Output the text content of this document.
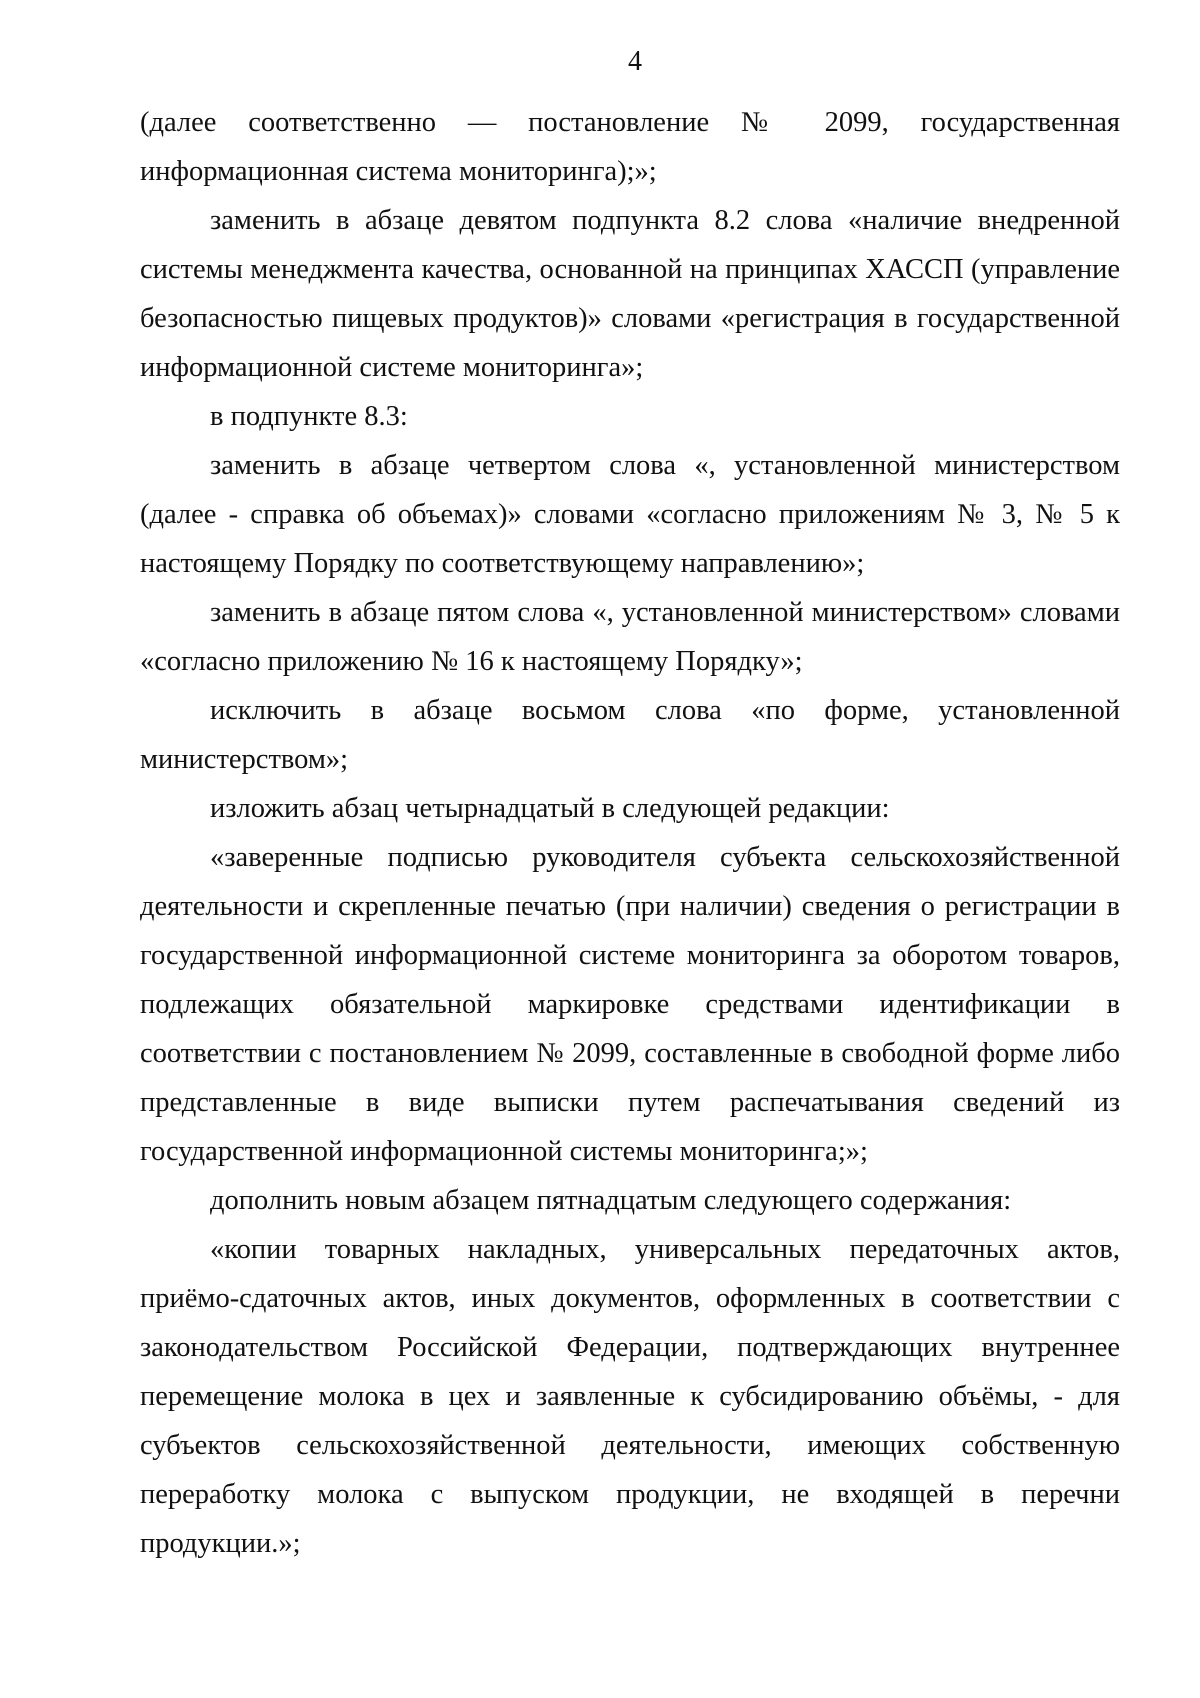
4

(далее соответственно — постановление № 2099, государственная информационная система мониторинга);»;

заменить в абзаце девятом подпункта 8.2 слова «наличие внедренной системы менеджмента качества, основанной на принципах ХАССП (управление безопасностью пищевых продуктов)» словами «регистрация в государственной информационной системе мониторинга»;

в подпункте 8.3:

заменить в абзаце четвертом слова «, установленной министерством (далее - справка об объемах)» словами «согласно приложениям № 3, № 5 к настоящему Порядку по соответствующему направлению»;

заменить в абзаце пятом слова «, установленной министерством» словами «согласно приложению № 16 к настоящему Порядку»;

исключить в абзаце восьмом слова «по форме, установленной министерством»;

изложить абзац четырнадцатый в следующей редакции:

«заверенные подписью руководителя субъекта сельскохозяйственной деятельности и скрепленные печатью (при наличии) сведения о регистрации в государственной информационной системе мониторинга за оборотом товаров, подлежащих обязательной маркировке средствами идентификации в соответствии с постановлением № 2099, составленные в свободной форме либо представленные в виде выписки путем распечатывания сведений из государственной информационной системы мониторинга;»;

дополнить новым абзацем пятнадцатым следующего содержания:

«копии товарных накладных, универсальных передаточных актов, приёмо-сдаточных актов, иных документов, оформленных в соответствии с законодательством Российской Федерации, подтверждающих внутреннее перемещение молока в цех и заявленные к субсидированию объёмы, - для субъектов сельскохозяйственной деятельности, имеющих собственную переработку молока с выпуском продукции, не входящей в перечни продукции.»;
